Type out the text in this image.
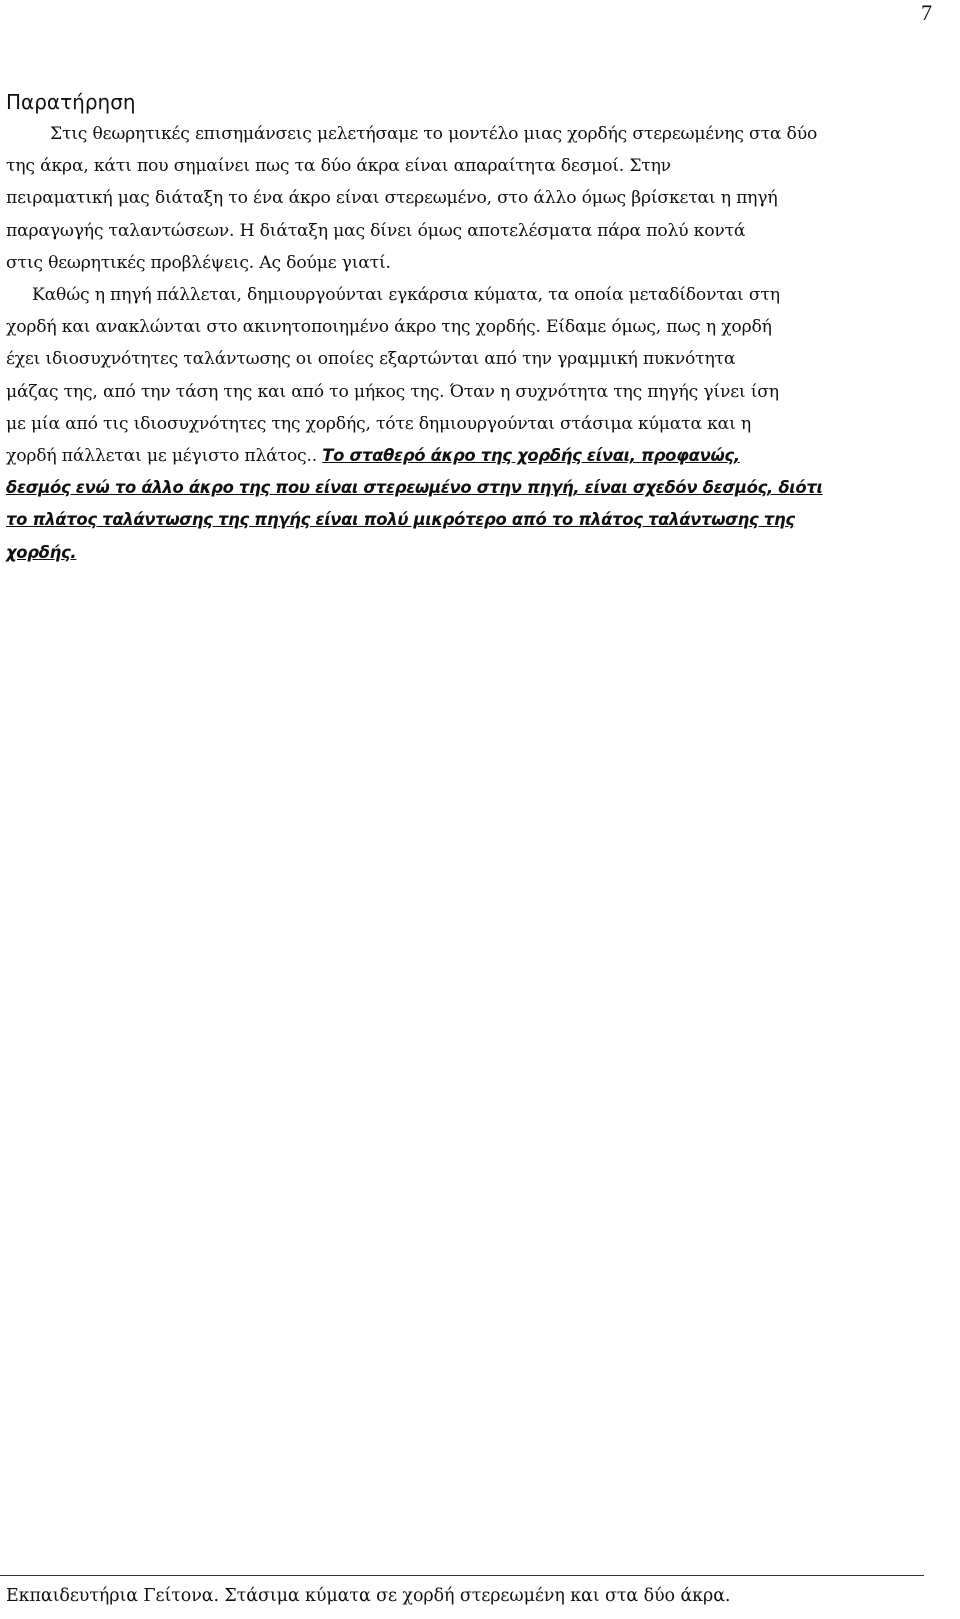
7
Παρατήρηση
Στις θεωρητικές επισημάνσεις μελετήσαμε το μοντέλο μιας χορδής στερεωμένης στα δύο
της άκρα, κάτι που σημαίνει πως τα δύο άκρα είναι απαραίτητα δεσμοί. Στην
πειραματική μας διάταξη το ένα άκρο είναι στερεωμένο, στο άλλο όμως βρίσκεται η πηγή
παραγωγής ταλαντώσεων. Η διάταξη μας δίνει όμως αποτελέσματα πάρα πολύ κοντά
στις θεωρητικές προβλέψεις. Ας δούμε γιατί.
Καθώς η πηγή πάλλεται, δημιουργούνται εγκάρσια κύματα, τα οποία μεταδίδονται στη
χορδή και ανακλώνται στο ακινητοποιημένο άκρο της χορδής. Είδαμε όμως, πως η χορδή
έχει ιδιοσυχνότητες ταλάντωσης οι οποίες εξαρτώνται από την γραμμική πυκνότητα
μάζας της, από την τάση της και από το μήκος της. Όταν η συχνότητα της πηγής γίνει ίση
με μία από τις ιδιοσυχνότητες της χορδής, τότε δημιουργούνται στάσιμα κύματα και η
χορδή πάλλεται με μέγιστο πλάτος.. Το σταθερό άκρο της χορδής είναι, προφανώς,
δεσμός ενώ το άλλο άκρο της που είναι στερεωμένο στην πηγή, είναι σχεδόν δεσμός, διότι
το πλάτος ταλάντωσης της πηγής είναι πολύ μικρότερο από το πλάτος ταλάντωσης της
χορδής.
Εκπαιδευτήρια Γείτονα. Στάσιμα κύματα σε χορδή στερεωμένη και στα δύο άκρα.
